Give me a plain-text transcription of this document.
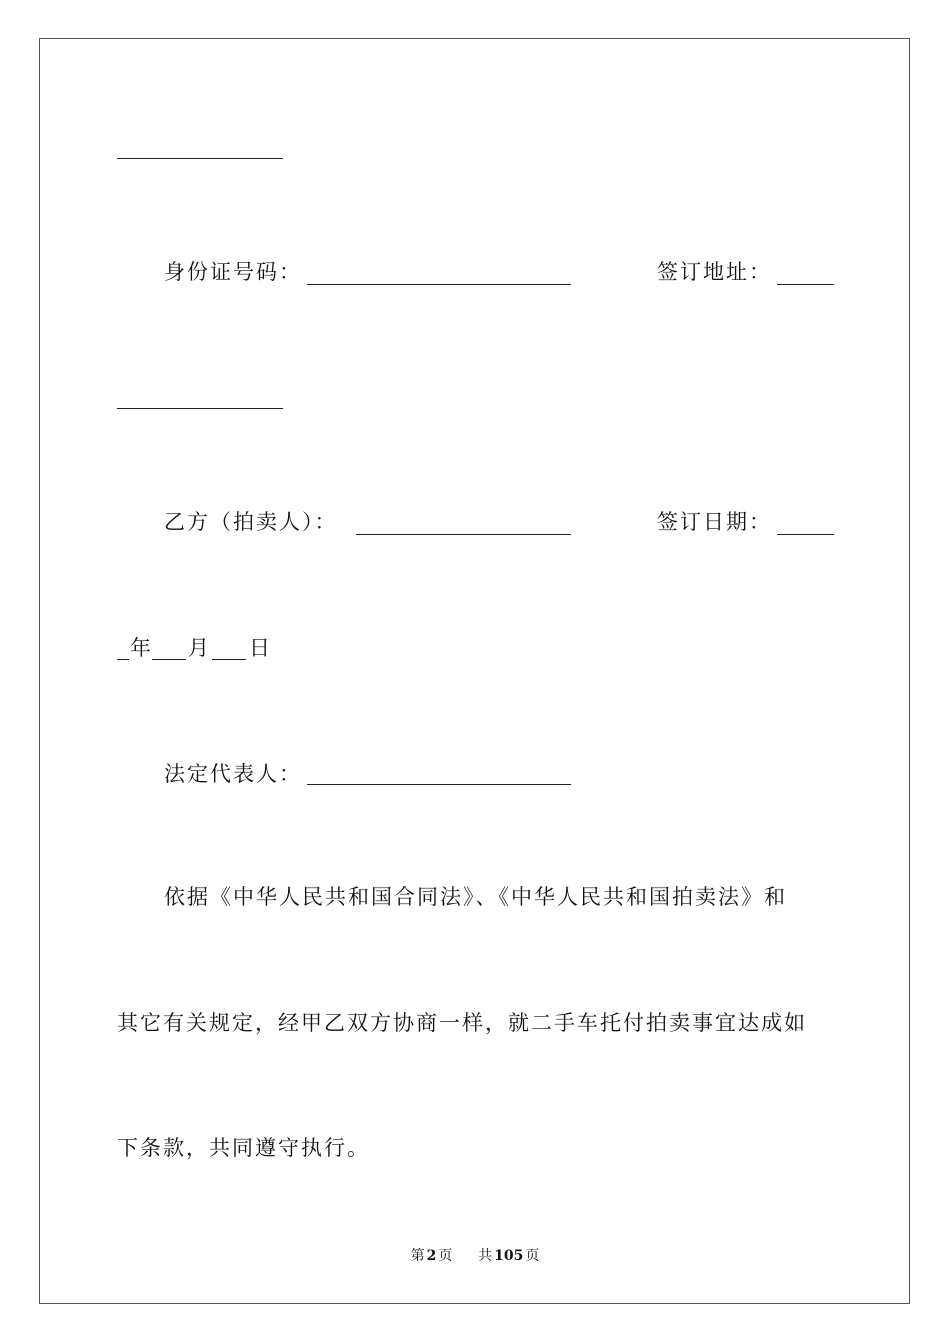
身份证号码：	签订地址：
乙方（拍卖人）：	签订日期：
年 月 日
法定代表人：
依据《中华人民共和国合同法》、《中华人民共和国拍卖法》和
其它有关规定，经甲乙双方协商一样，就二手车托付拍卖事宜达成如
下条款，共同遵守执行。
第 2 页 共 105 页
